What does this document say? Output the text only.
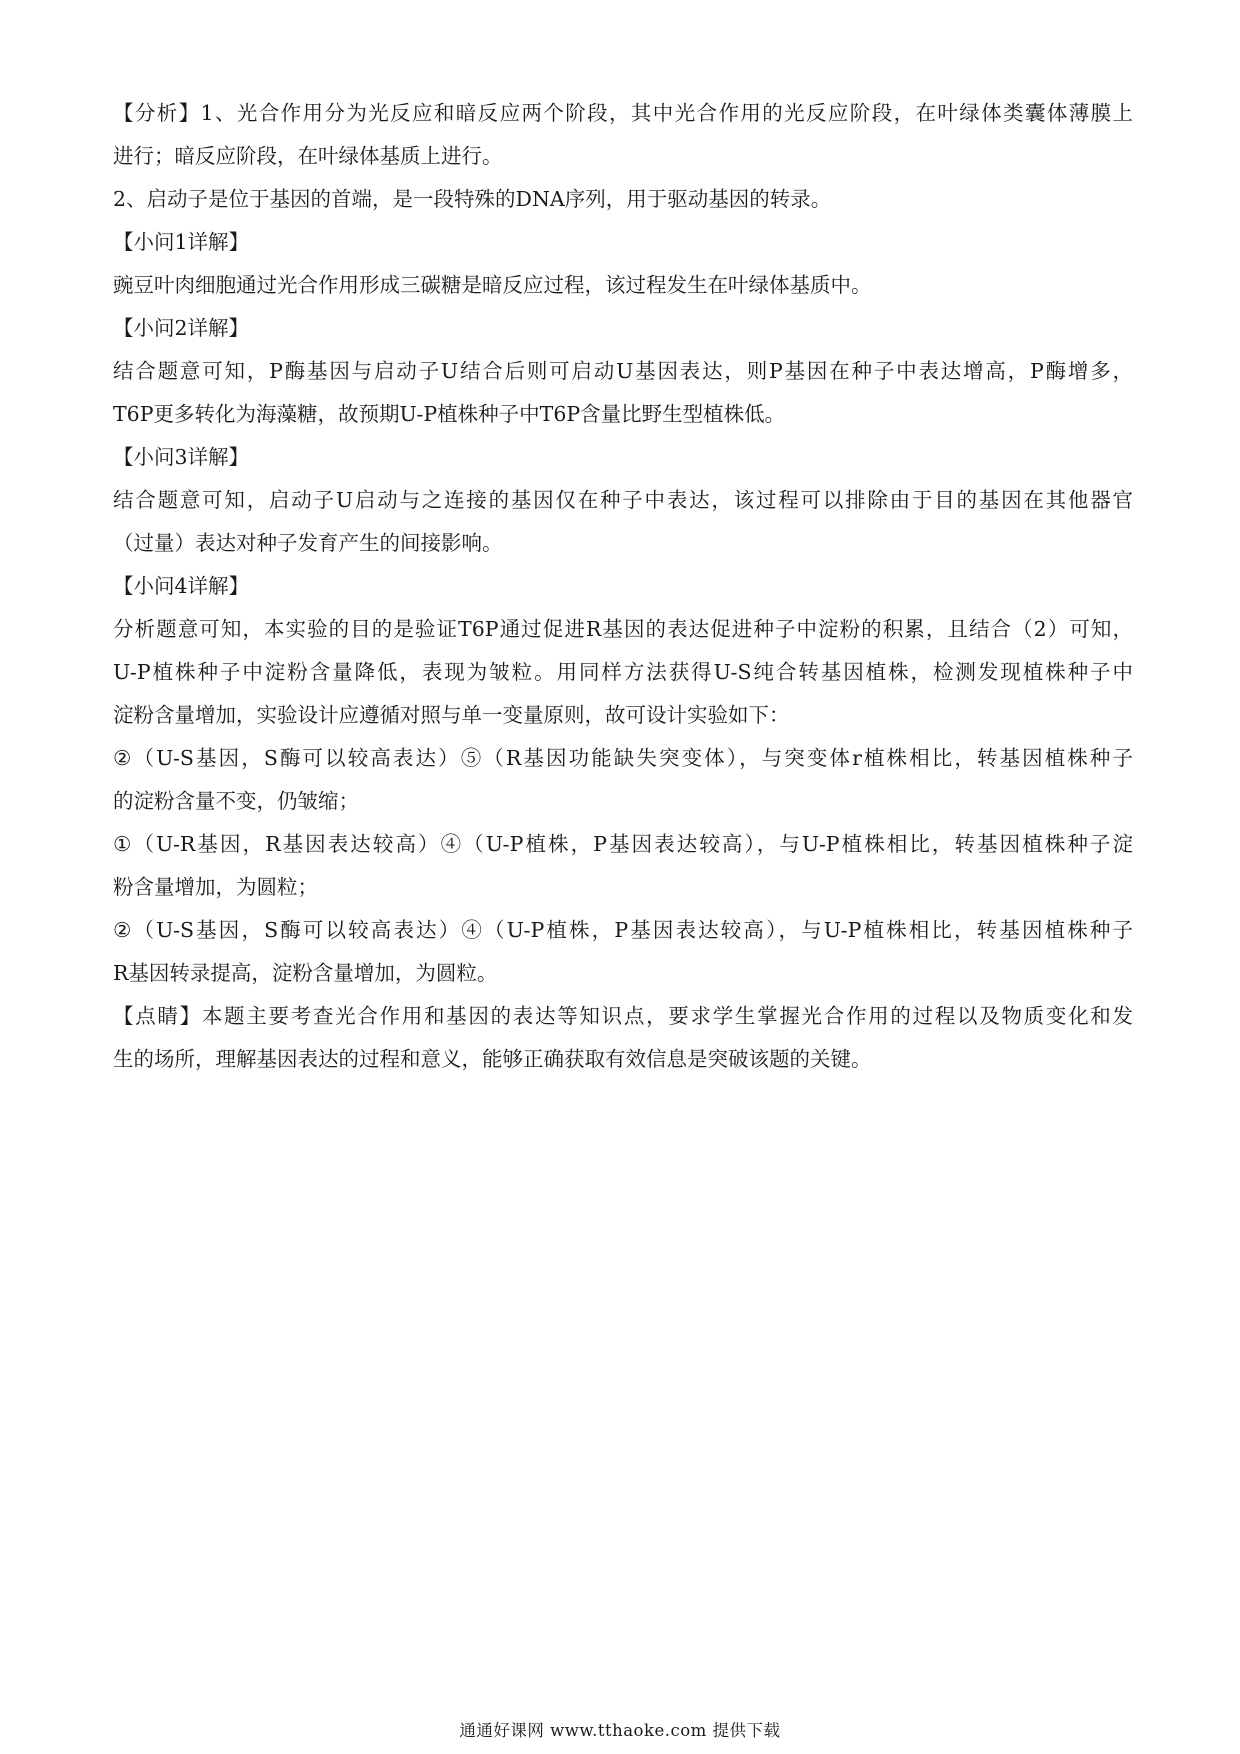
【分析】1、光合作用分为光反应和暗反应两个阶段，其中光合作用的光反应阶段，在叶绿体类囊体薄膜上
进行；暗反应阶段，在叶绿体基质上进行。
2、启动子是位于基因的首端，是一段特殊的DNA序列，用于驱动基因的转录。
【小问1详解】
豌豆叶肉细胞通过光合作用形成三碳糖是暗反应过程，该过程发生在叶绿体基质中。
【小问2详解】
结合题意可知，P酶基因与启动子U结合后则可启动U基因表达，则P基因在种子中表达增高，P酶增多，
T6P更多转化为海藻糖，故预期U-P植株种子中T6P含量比野生型植株低。
【小问3详解】
结合题意可知，启动子U启动与之连接的基因仅在种子中表达，该过程可以排除由于目的基因在其他器官
（过量）表达对种子发育产生的间接影响。
【小问4详解】
分析题意可知，本实验的目的是验证T6P通过促进R基因的表达促进种子中淀粉的积累，且结合（2）可知，
U-P植株种子中淀粉含量降低，表现为皱粒。用同样方法获得U-S纯合转基因植株，检测发现植株种子中
淀粉含量增加，实验设计应遵循对照与单一变量原则，故可设计实验如下：
②（U-S基因，S酶可以较高表达）⑤（R基因功能缺失突变体），与突变体r植株相比，转基因植株种子
的淀粉含量不变，仍皱缩；
①（U-R基因，R基因表达较高）④（U-P植株，P基因表达较高），与U-P植株相比，转基因植株种子淀
粉含量增加，为圆粒；
②（U-S基因，S酶可以较高表达）④（U-P植株，P基因表达较高），与U-P植株相比，转基因植株种子
R基因转录提高，淀粉含量增加，为圆粒。
【点睛】本题主要考查光合作用和基因的表达等知识点，要求学生掌握光合作用的过程以及物质变化和发
生的场所，理解基因表达的过程和意义，能够正确获取有效信息是突破该题的关键。
通通好课网 www.tthaoke.com 提供下载
